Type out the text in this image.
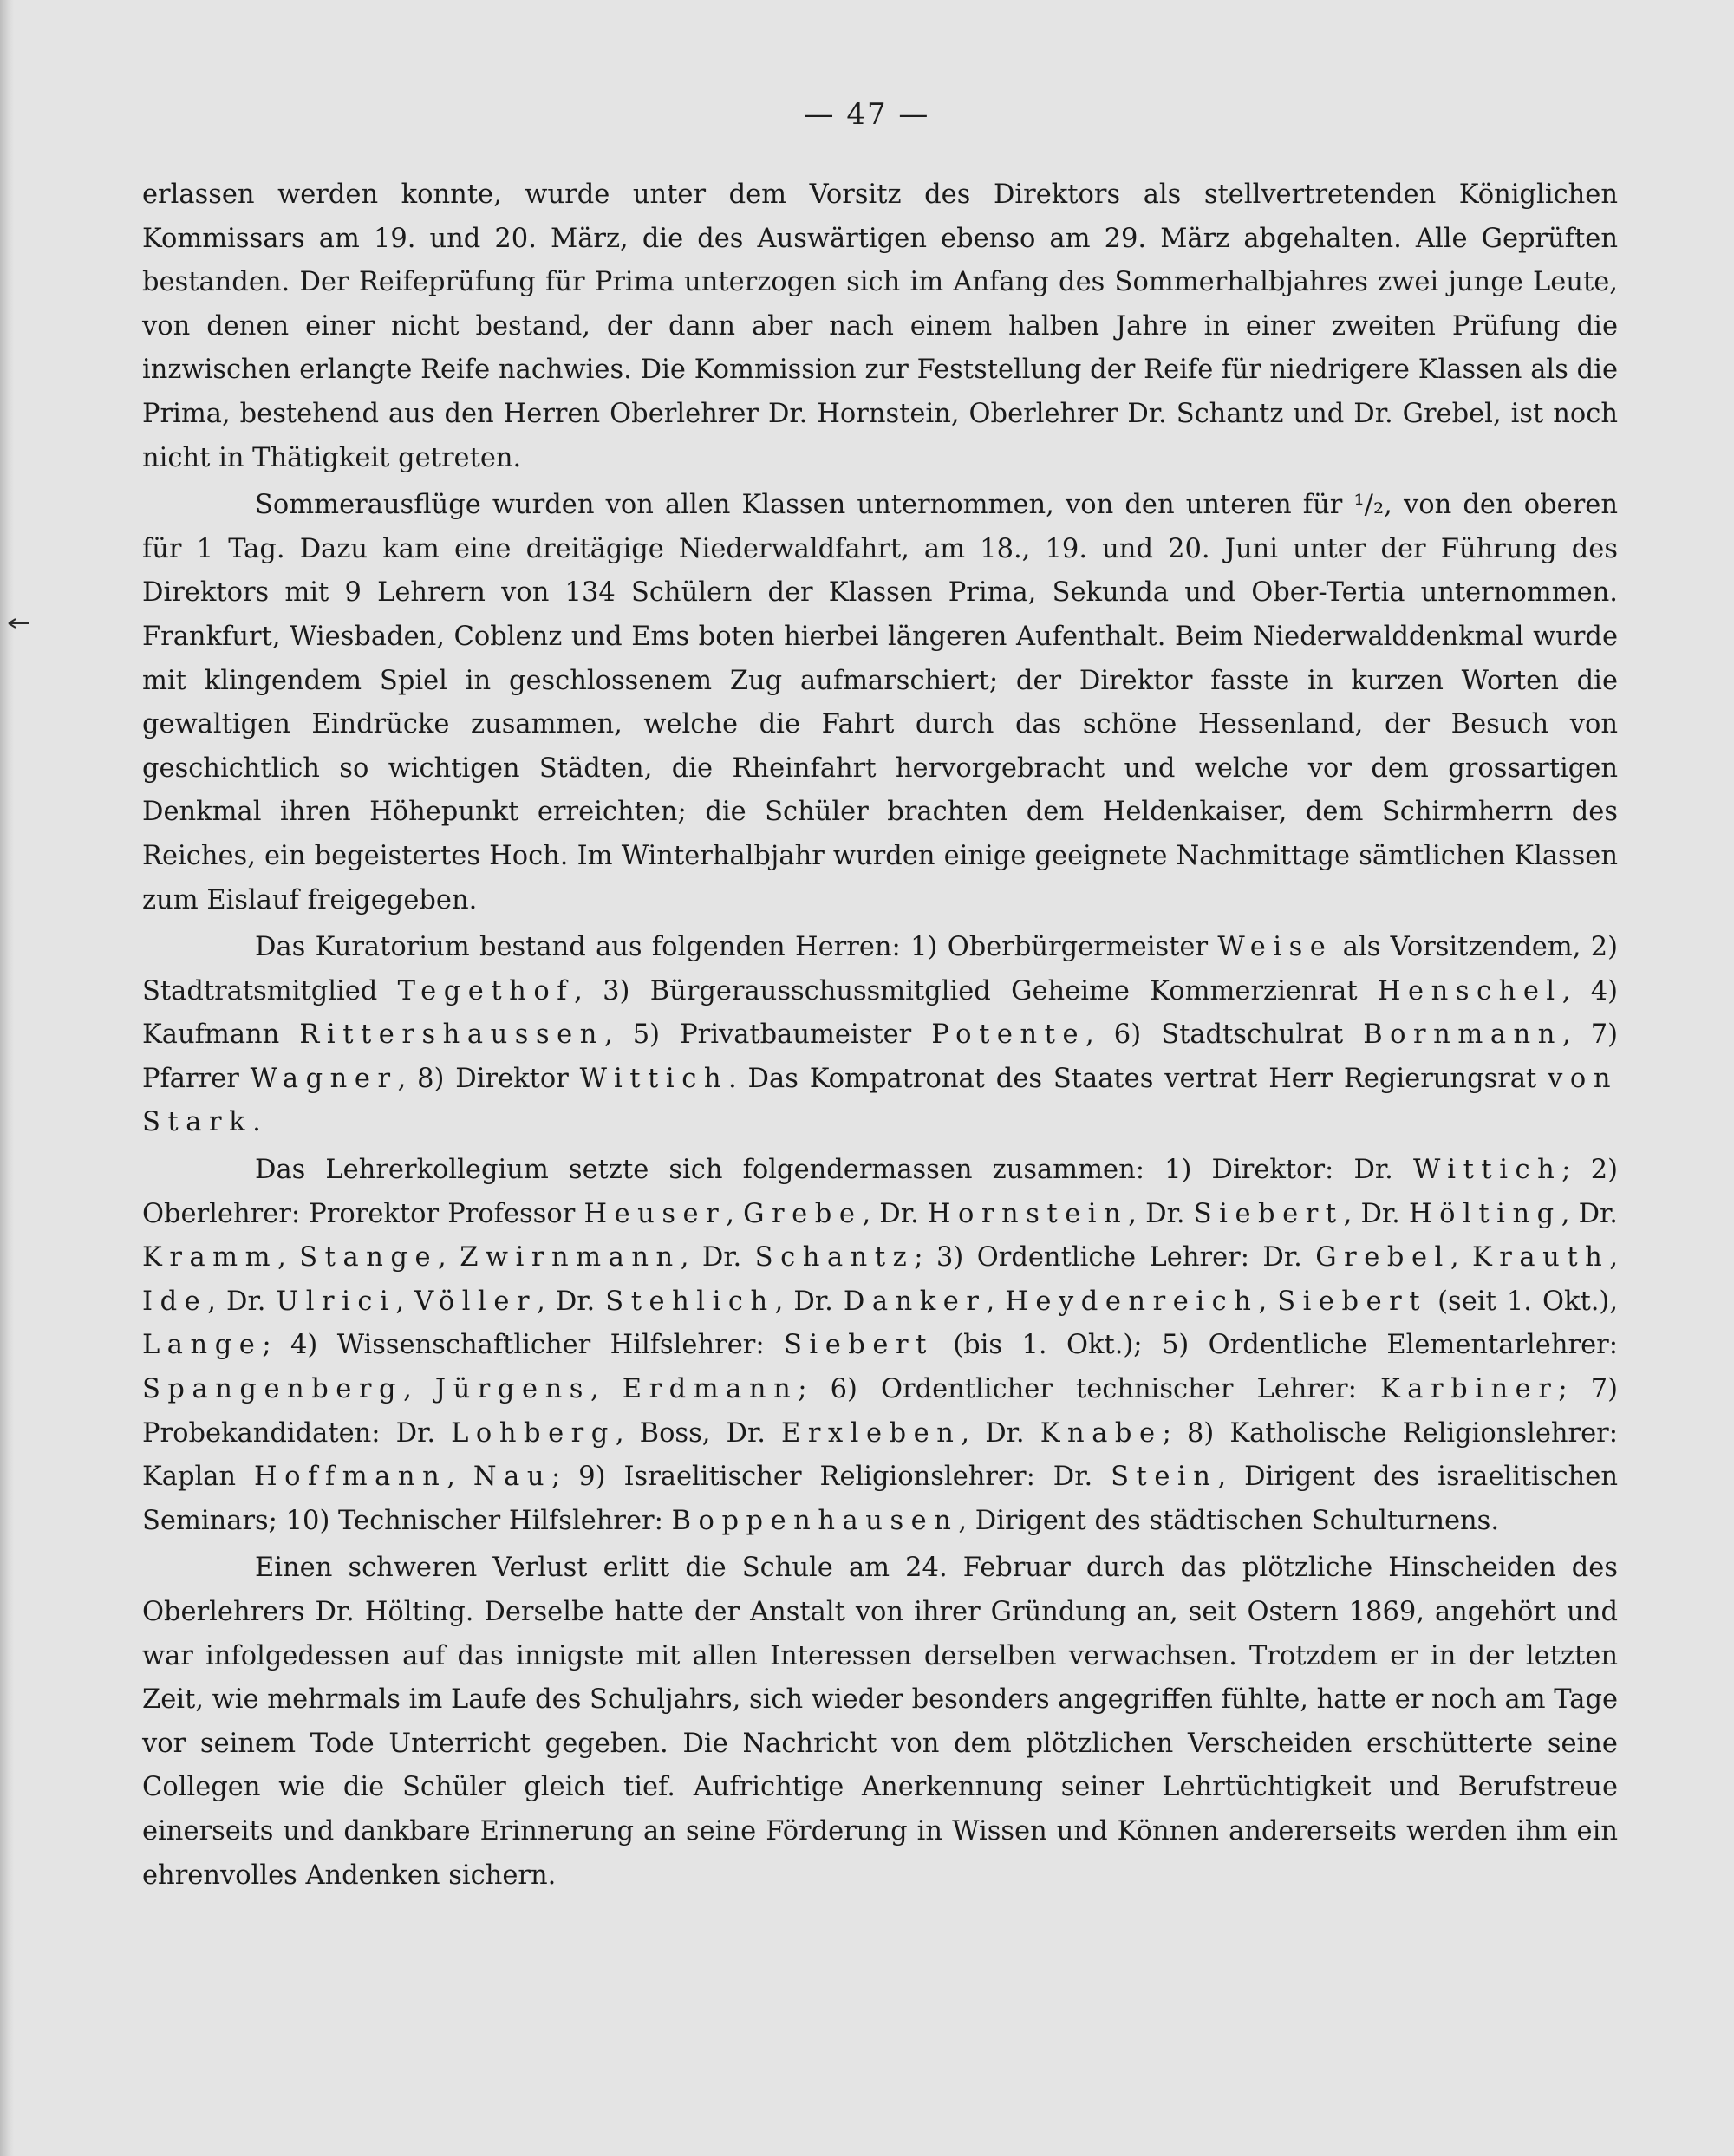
— 47 —

erlassen werden konnte, wurde unter dem Vorsitz des Direktors als stellvertretenden Königlichen Kommissars am 19. und 20. März, die des Auswärtigen ebenso am 29. März abgehalten. Alle Geprüften bestanden. Der Reifeprüfung für Prima unterzogen sich im Anfang des Sommerhalbjahres zwei junge Leute, von denen einer nicht bestand, der dann aber nach einem halben Jahre in einer zweiten Prüfung die inzwischen erlangte Reife nachwies. Die Kommission zur Feststellung der Reife für niedrigere Klassen als die Prima, bestehend aus den Herren Oberlehrer Dr. Hornstein, Oberlehrer Dr. Schantz und Dr. Grebel, ist noch nicht in Thätigkeit getreten.

Sommerausflüge wurden von allen Klassen unternommen, von den unteren für ¹/₂, von den oberen für 1 Tag. Dazu kam eine dreitägige Niederwaldfahrt, am 18., 19. und 20. Juni unter der Führung des Direktors mit 9 Lehrern von 134 Schülern der Klassen Prima, Sekunda und Ober-Tertia unternommen. Frankfurt, Wiesbaden, Coblenz und Ems boten hierbei längeren Aufenthalt. Beim Niederwalddenkmal wurde mit klingendem Spiel in geschlossenem Zug aufmarschiert; der Direktor fasste in kurzen Worten die gewaltigen Eindrücke zusammen, welche die Fahrt durch das schöne Hessenland, der Besuch von geschichtlich so wichtigen Städten, die Rheinfahrt hervorgebracht und welche vor dem grossartigen Denkmal ihren Höhepunkt erreichten; die Schüler brachten dem Heldenkaiser, dem Schirmherrn des Reiches, ein begeistertes Hoch. Im Winterhalbjahr wurden einige geeignete Nachmittage sämtlichen Klassen zum Eislauf freigegeben.

Das Kuratorium bestand aus folgenden Herren: 1) Oberbürgermeister Weise als Vorsitzendem, 2) Stadtratsmitglied Tegethof, 3) Bürgerausschussmitglied Geheime Kommerzienrat Henschel, 4) Kaufmann Rittershaussen, 5) Privatbaumeister Potente, 6) Stadtschulrat Bornmann, 7) Pfarrer Wagner, 8) Direktor Wittich. Das Kompatronat des Staates vertrat Herr Regierungsrat von Stark.

Das Lehrerkollegium setzte sich folgendermassen zusammen: 1) Direktor: Dr. Wittich; 2) Oberlehrer: Prorektor Professor Heuser, Grebe, Dr. Hornstein, Dr. Siebert, Dr. Hölting, Dr. Kramm, Stange, Zwirnmann, Dr. Schantz; 3) Ordentliche Lehrer: Dr. Grebel, Krauth, Ide, Dr. Ulrici, Völler, Dr. Stehlich, Dr. Danker, Heydenreich, Siebert (seit 1. Okt.), Lange; 4) Wissenschaftlicher Hilfslehrer: Siebert (bis 1. Okt.); 5) Ordentliche Elementarlehrer: Spangenberg, Jürgens, Erdmann; 6) Ordentlicher technischer Lehrer: Karbiner; 7) Probekandidaten: Dr. Lohberg, Boss, Dr. Erxleben, Dr. Knabe; 8) Katholische Religionslehrer: Kaplan Hoffmann, Nau; 9) Israelitischer Religionslehrer: Dr. Stein, Dirigent des israelitischen Seminars; 10) Technischer Hilfslehrer: Boppenhausen, Dirigent des städtischen Schulturnens.

Einen schweren Verlust erlitt die Schule am 24. Februar durch das plötzliche Hinscheiden des Oberlehrers Dr. Hölting. Derselbe hatte der Anstalt von ihrer Gründung an, seit Ostern 1869, angehört und war infolgedessen auf das innigste mit allen Interessen derselben verwachsen. Trotzdem er in der letzten Zeit, wie mehrmals im Laufe des Schuljahrs, sich wieder besonders angegriffen fühlte, hatte er noch am Tage vor seinem Tode Unterricht gegeben. Die Nachricht von dem plötzlichen Verscheiden erschütterte seine Collegen wie die Schüler gleich tief. Aufrichtige Anerkennung seiner Lehrtüchtigkeit und Berufstreue einerseits und dankbare Erinnerung an seine Förderung in Wissen und Können andererseits werden ihm ein ehrenvolles Andenken sichern.
